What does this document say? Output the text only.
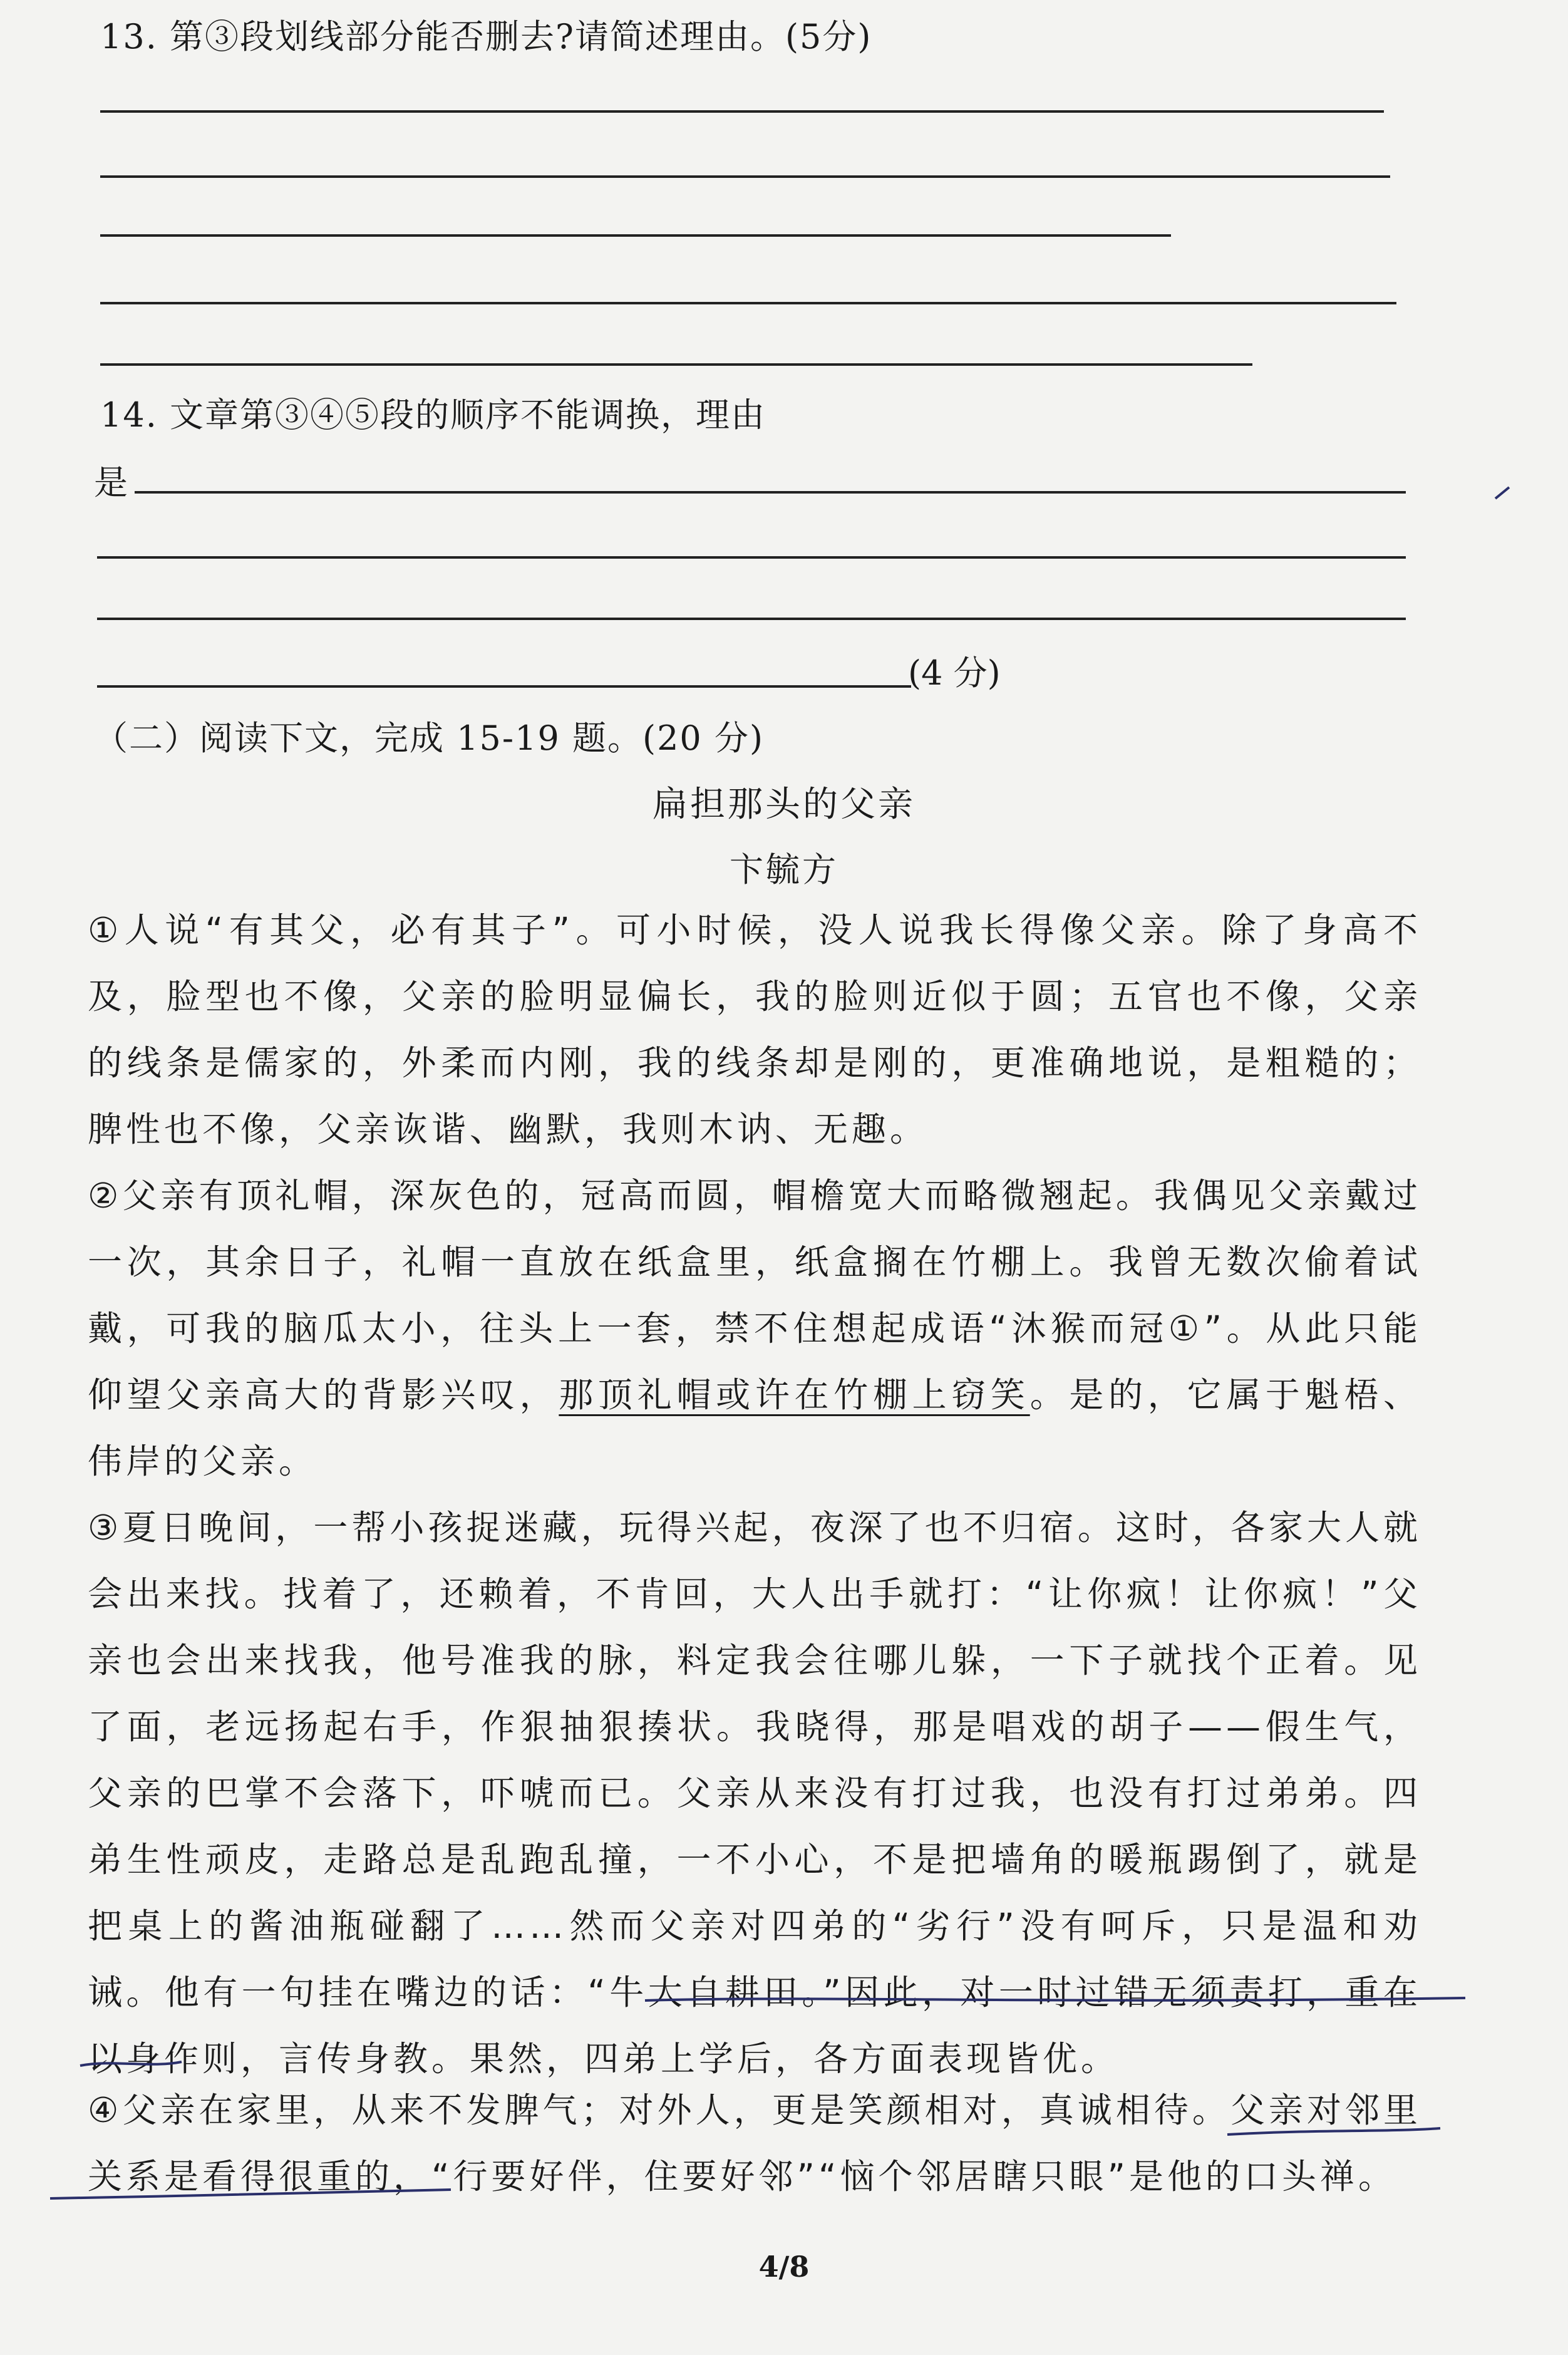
13. 第③段划线部分能否删去?请简述理由。(5分)
14. 文章第③④⑤段的顺序不能调换，理由
是
(4 分)
（二）阅读下文，完成 15-19 题。(20 分)
扁担那头的父亲
卞毓方
①人说“有其父，必有其子”。可小时候，没人说我长得像父亲。除了身高不及，脸型也不像，父亲的脸明显偏长，我的脸则近似于圆；五官也不像，父亲的线条是儒家的，外柔而内刚，我的线条却是刚的，更准确地说，是粗糙的；脾性也不像，父亲诙谐、幽默，我则木讷、无趣。
②父亲有顶礼帽，深灰色的，冠高而圆，帽檐宽大而略微翘起。我偶见父亲戴过一次，其余日子，礼帽一直放在纸盒里，纸盒搁在竹棚上。我曾无数次偷着试戴，可我的脑瓜太小，往头上一套，禁不住想起成语“沐猴而冠①”。从此只能仰望父亲高大的背影兴叹，那顶礼帽或许在竹棚上窃笑。是的，它属于魁梧、伟岸的父亲。
③夏日晚间，一帮小孩捉迷藏，玩得兴起，夜深了也不归宿。这时，各家大人就会出来找。找着了，还赖着，不肯回，大人出手就打：“让你疯！让你疯！”父亲也会出来找我，他号准我的脉，料定我会往哪儿躲，一下子就找个正着。见了面，老远扬起右手，作狠抽狠揍状。我晓得，那是唱戏的胡子——假生气，父亲的巴掌不会落下，吓唬而已。父亲从来没有打过我，也没有打过弟弟。四弟生性顽皮，走路总是乱跑乱撞，一不小心，不是把墙角的暖瓶踢倒了，就是把桌上的酱油瓶碰翻了……然而父亲对四弟的“劣行”没有呵斥，只是温和劝诫。他有一句挂在嘴边的话：“牛大自耕田。”因此，对一时过错无须责打，重在以身作则，言传身教。果然，四弟上学后，各方面表现皆优。
④父亲在家里，从来不发脾气；对外人，更是笑颜相对，真诚相待。父亲对邻里关系是看得很重的，“行要好伴，住要好邻”“恼个邻居瞎只眼”是他的口头禅。
4/8
